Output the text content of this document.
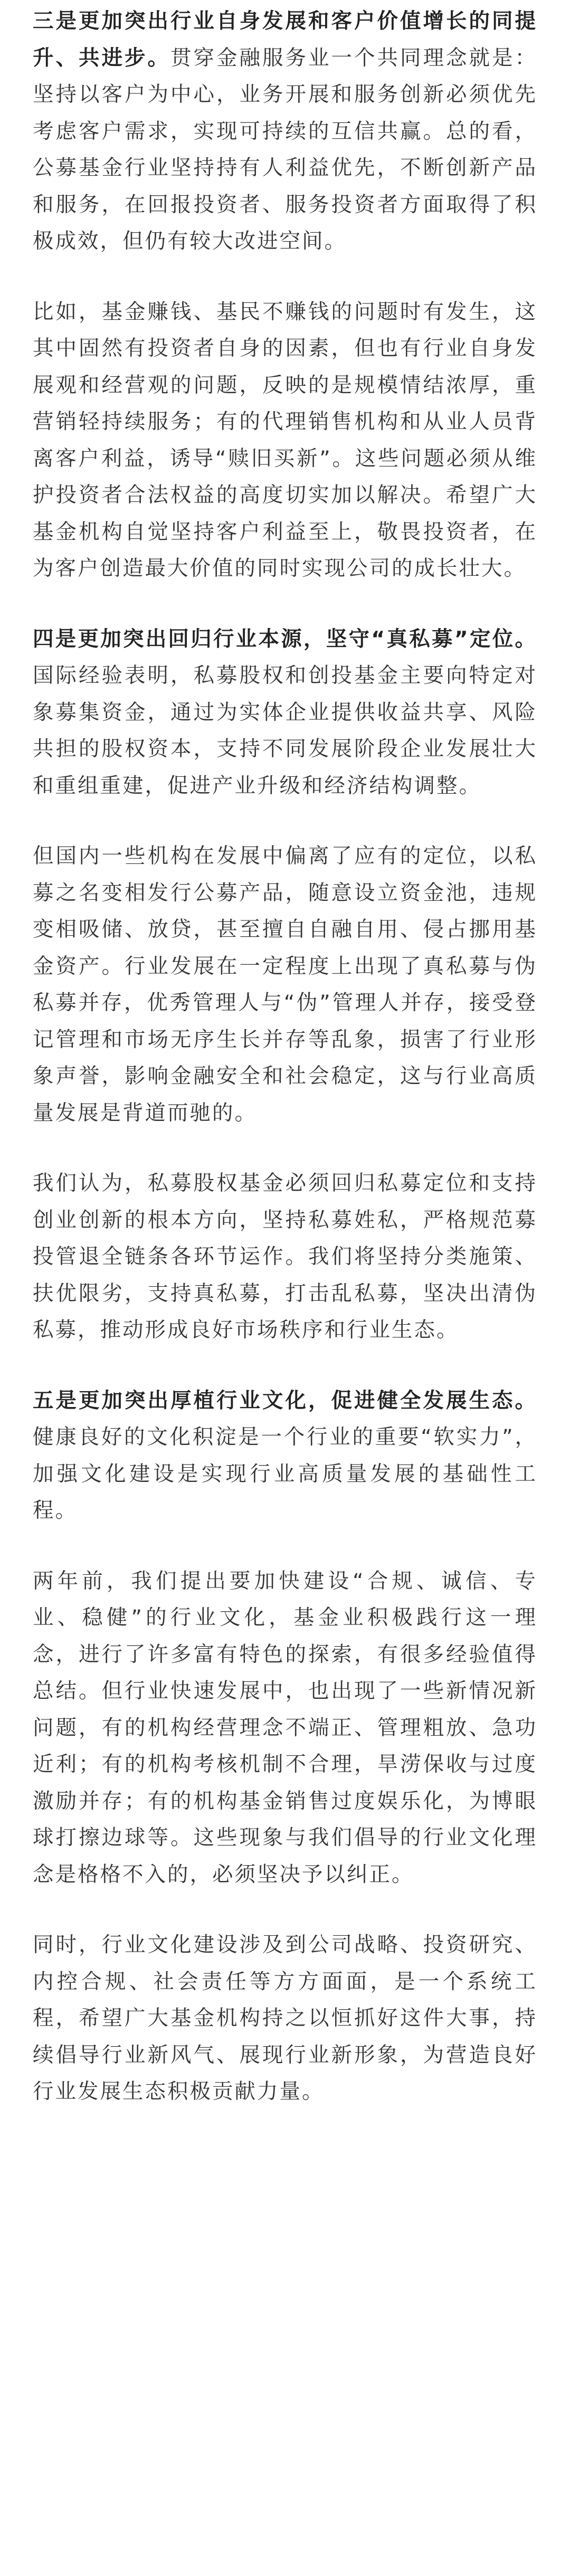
三是更加突出行业自身发展和客户价值增长的同提升、共进步。贯穿金融服务业一个共同理念就是：坚持以客户为中心，业务开展和服务创新必须优先考虑客户需求，实现可持续的互信共赢。总的看，公募基金行业坚持持有人利益优先，不断创新产品和服务，在回报投资者、服务投资者方面取得了积极成效，但仍有较大改进空间。

比如，基金赚钱、基民不赚钱的问题时有发生，这其中固然有投资者自身的因素，但也有行业自身发展观和经营观的问题，反映的是规模情结浓厚，重营销轻持续服务；有的代理销售机构和从业人员背离客户利益，诱导“赎旧买新”。这些问题必须从维护投资者合法权益的高度切实加以解决。希望广大基金机构自觉坚持客户利益至上，敬畏投资者，在为客户创造最大价值的同时实现公司的成长壮大。

四是更加突出回归行业本源，坚守“真私募”定位。国际经验表明，私募股权和创投基金主要向特定对象募集资金，通过为实体企业提供收益共享、风险共担的股权资本，支持不同发展阶段企业发展壮大和重组重建，促进产业升级和经济结构调整。

但国内一些机构在发展中偏离了应有的定位，以私募之名变相发行公募产品，随意设立资金池，违规变相吸储、放贷，甚至擅自自融自用、侵占挪用基金资产。行业发展在一定程度上出现了真私募与伪私募并存，优秀管理人与“伪”管理人并存，接受登记管理和市场无序生长并存等乱象，损害了行业形象声誉，影响金融安全和社会稳定，这与行业高质量发展是背道而驰的。

我们认为，私募股权基金必须回归私募定位和支持创业创新的根本方向，坚持私募姓私，严格规范募投管退全链条各环节运作。我们将坚持分类施策、扶优限劣，支持真私募，打击乱私募，坚决出清伪私募，推动形成良好市场秩序和行业生态。

五是更加突出厚植行业文化，促进健全发展生态。健康良好的文化积淀是一个行业的重要“软实力”，加强文化建设是实现行业高质量发展的基础性工程。

两年前，我们提出要加快建设“合规、诚信、专业、稳健”的行业文化，基金业积极践行这一理念，进行了许多富有特色的探索，有很多经验值得总结。但行业快速发展中，也出现了一些新情况新问题，有的机构经营理念不端正、管理粗放、急功近利；有的机构考核机制不合理，旱涝保收与过度激励并存；有的机构基金销售过度娱乐化，为博眼球打擦边球等。这些现象与我们倡导的行业文化理念是格格不入的，必须坚决予以纠正。

同时，行业文化建设涉及到公司战略、投资研究、内控合规、社会责任等方方面面，是一个系统工程，希望广大基金机构持之以恒抓好这件大事，持续倡导行业新风气、展现行业新形象，为营造良好行业发展生态积极贡献力量。
